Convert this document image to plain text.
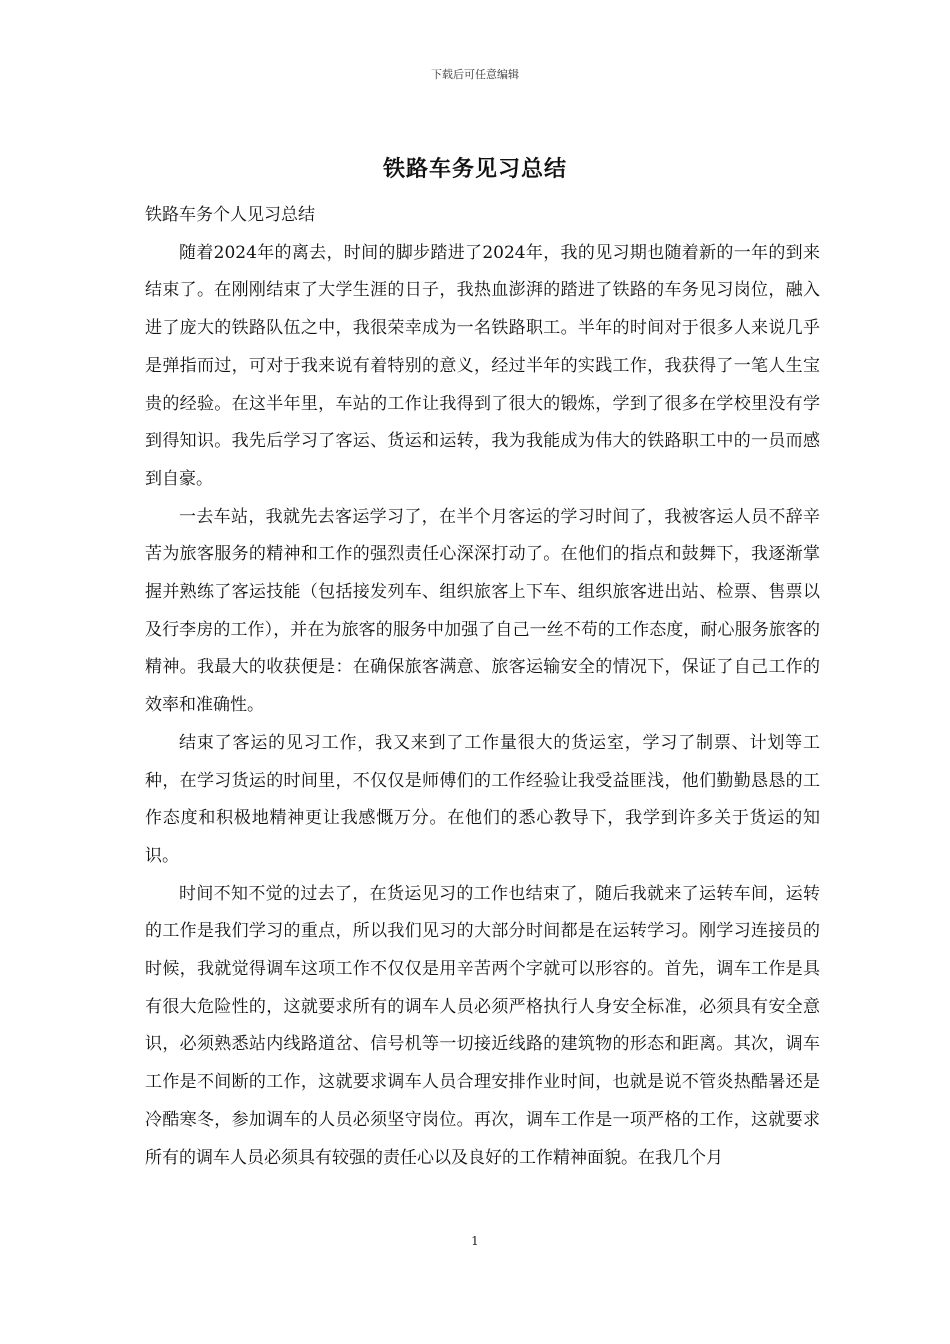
下载后可任意编辑
铁路车务见习总结

铁路车务个人见习总结

随着2024年的离去，时间的脚步踏进了2024年，我的见习期也随着新的一年的到来结束了。在刚刚结束了大学生涯的日子，我热血澎湃的踏进了铁路的车务见习岗位，融入进了庞大的铁路队伍之中，我很荣幸成为一名铁路职工。半年的时间对于很多人来说几乎是弹指而过，可对于我来说有着特别的意义，经过半年的实践工作，我获得了一笔人生宝贵的经验。在这半年里，车站的工作让我得到了很大的锻炼，学到了很多在学校里没有学到得知识。我先后学习了客运、货运和运转，我为我能成为伟大的铁路职工中的一员而感到自豪。

一去车站，我就先去客运学习了，在半个月客运的学习时间了，我被客运人员不辞辛苦为旅客服务的精神和工作的强烈责任心深深打动了。在他们的指点和鼓舞下，我逐渐掌握并熟练了客运技能（包括接发列车、组织旅客上下车、组织旅客进出站、检票、售票以及行李房的工作），并在为旅客的服务中加强了自己一丝不苟的工作态度，耐心服务旅客的精神。我最大的收获便是：在确保旅客满意、旅客运输安全的情况下，保证了自己工作的效率和准确性。

结束了客运的见习工作，我又来到了工作量很大的货运室，学习了制票、计划等工种，在学习货运的时间里，不仅仅是师傅们的工作经验让我受益匪浅，他们勤勤恳恳的工作态度和积极地精神更让我感慨万分。在他们的悉心教导下，我学到许多关于货运的知识。

时间不知不觉的过去了，在货运见习的工作也结束了，随后我就来了运转车间，运转的工作是我们学习的重点，所以我们见习的大部分时间都是在运转学习。刚学习连接员的时候，我就觉得调车这项工作不仅仅是用辛苦两个字就可以形容的。首先，调车工作是具有很大危险性的，这就要求所有的调车人员必须严格执行人身安全标准，必须具有安全意识，必须熟悉站内线路道岔、信号机等一切接近线路的建筑物的形态和距离。其次，调车工作是不间断的工作，这就要求调车人员合理安排作业时间，也就是说不管炎热酷暑还是冷酷寒冬，参加调车的人员必须坚守岗位。再次，调车工作是一项严格的工作，这就要求所有的调车人员必须具有较强的责任心以及良好的工作精神面貌。在我几个月

1
